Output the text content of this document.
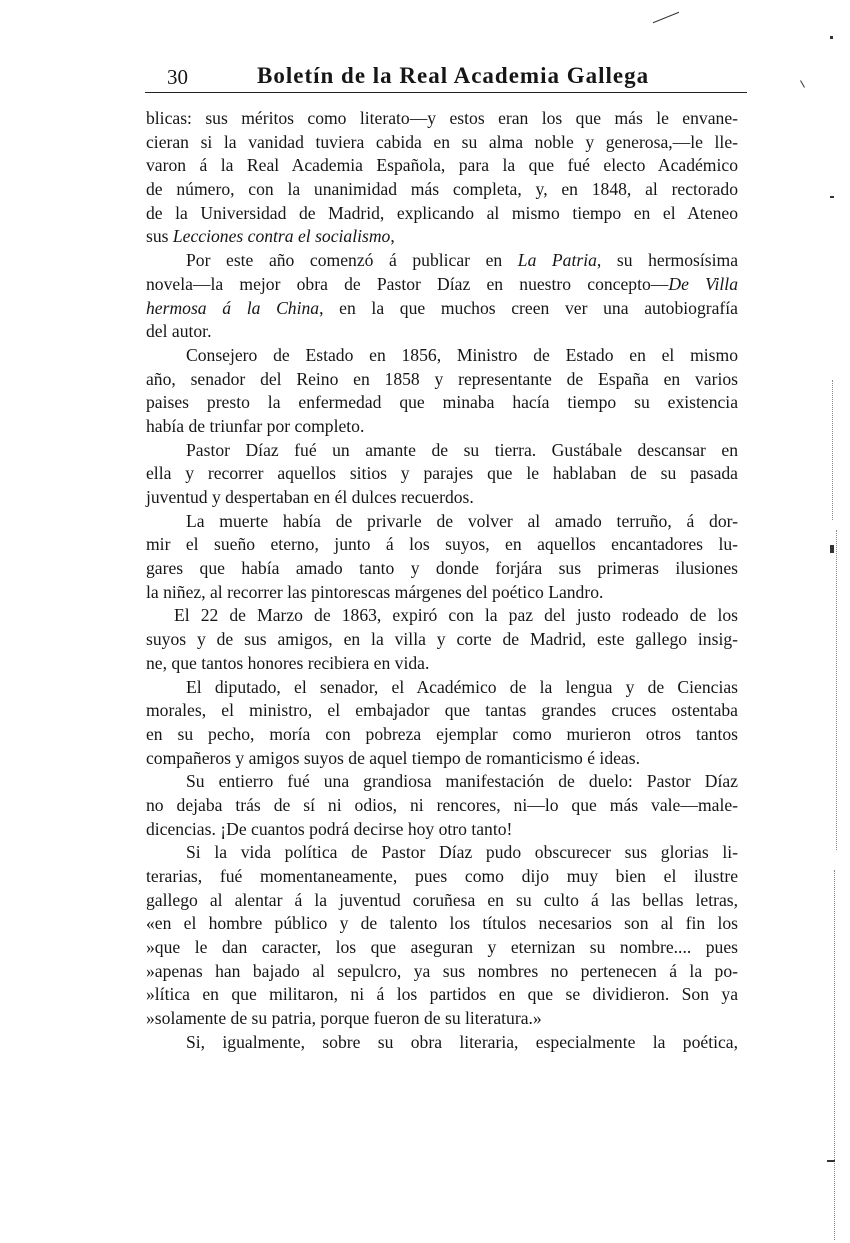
30	Boletín de la Real Academia Gallega
blicas: sus méritos como literato—y estos eran los que más le envane-
cieran si la vanidad tuviera cabida en su alma noble y generosa,—le lle-
varon á la Real Academia Española, para la que fué electo Académico
de número, con la unanimidad más completa, y, en 1848, al rectorado
de la Universidad de Madrid, explicando al mismo tiempo en el Ateneo
sus Lecciones contra el socialismo,
Por este año comenzó á publicar en La Patria, su hermosísima
novela—la mejor obra de Pastor Díaz en nuestro concepto—De Villa
hermosa á la China, en la que muchos creen ver una autobiografía
del autor.
Consejero de Estado en 1856, Ministro de Estado en el mismo
año, senador del Reino en 1858 y representante de España en varios
paises presto la enfermedad que minaba hacía tiempo su existencia
había de triunfar por completo.
Pastor Díaz fué un amante de su tierra. Gustábale descansar en
ella y recorrer aquellos sitios y parajes que le hablaban de su pasada
juventud y despertaban en él dulces recuerdos.
La muerte había de privarle de volver al amado terruño, á dor-
mir el sueño eterno, junto á los suyos, en aquellos encantadores lu-
gares que había amado tanto y donde forjára sus primeras ilusiones
la niñez, al recorrer las pintorescas márgenes del poético Landro.
El 22 de Marzo de 1863, expiró con la paz del justo rodeado de los
suyos y de sus amigos, en la villa y corte de Madrid, este gallego insig-
ne, que tantos honores recibiera en vida.
El diputado, el senador, el Académico de la lengua y de Ciencias
morales, el ministro, el embajador que tantas grandes cruces ostentaba
en su pecho, moría con pobreza ejemplar como murieron otros tantos
compañeros y amigos suyos de aquel tiempo de romanticismo é ideas.
Su entierro fué una grandiosa manifestación de duelo: Pastor Díaz
no dejaba trás de sí ni odios, ni rencores, ni—lo que más vale—male-
dicencias. ¡De cuantos podrá decirse hoy otro tanto!
Si la vida política de Pastor Díaz pudo obscurecer sus glorias li-
terarias, fué momentaneamente, pues como dijo muy bien el ilustre
gallego al alentar á la juventud coruñesa en su culto á las bellas letras,
«en el hombre público y de talento los títulos necesarios son al fin los
»que le dan caracter, los que aseguran y eternizan su nombre.... pues
»apenas han bajado al sepulcro, ya sus nombres no pertenecen á la po-
»lítica en que militaron, ni á los partidos en que se dividieron. Son ya
»solamente de su patria, porque fueron de su literatura.»
Si, igualmente, sobre su obra literaria, especialmente la poética,
